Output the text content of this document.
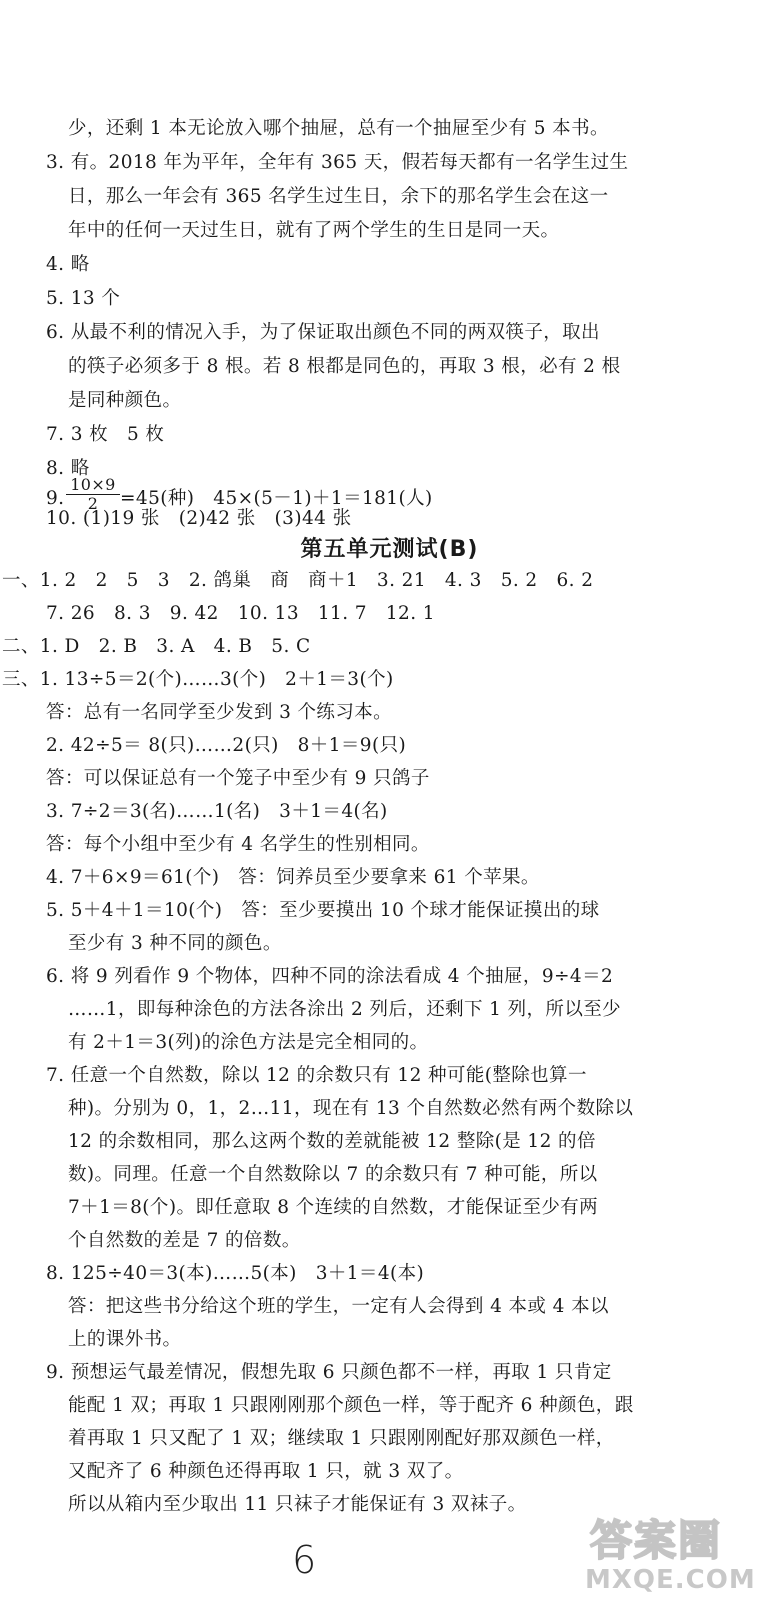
少，还剩 1 本无论放入哪个抽屉，总有一个抽屉至少有 5 本书。
3. 有。2018 年为平年，全年有 365 天，假若每天都有一名学生过生
日，那么一年会有 365 名学生过生日，余下的那名学生会在这一
年中的任何一天过生日，就有了两个学生的生日是同一天。
4. 略
5. 13 个
6. 从最不利的情况入手，为了保证取出颜色不同的两双筷子，取出
的筷子必须多于 8 根。若 8 根都是同色的，再取 3 根，必有 2 根
是同种颜色。
7. 3 枚　5 枚
8. 略
9. $\frac{10\times 9}{2} =45$(种)　45×(5－1)＋1＝181(人)
10. (1)19 张　(2)42 张　(3)44 张
第五单元测试(B)
一、1. 2　2　5　3　2. 鸽巢　商　商＋1　3. 21　4. 3　5. 2　6. 2
7. 26　8. 3　9. 42　10. 13　11. 7　12. 1
二、1. D　2. B　3. A　4. B　5. C
三、1. 13÷5＝2(个)……3(个)　2＋1＝3(个)
答：总有一名同学至少发到 3 个练习本。
2. 42÷5＝ 8(只)……2(只)　8＋1＝9(只)
答：可以保证总有一个笼子中至少有 9 只鸽子
3. 7÷2＝3(名)……1(名)　3＋1＝4(名)
答：每个小组中至少有 4 名学生的性别相同。
4. 7＋6×9＝61(个)　答：饲养员至少要拿来 61 个苹果。
5. 5＋4＋1＝10(个)　答：至少要摸出 10 个球才能保证摸出的球
至少有 3 种不同的颜色。
6. 将 9 列看作 9 个物体，四种不同的涂法看成 4 个抽屉，9÷4＝2
……1，即每种涂色的方法各涂出 2 列后，还剩下 1 列，所以至少
有 2＋1＝3(列)的涂色方法是完全相同的。
7. 任意一个自然数，除以 12 的余数只有 12 种可能(整除也算一
种)。分别为 0，1，2…11，现在有 13 个自然数必然有两个数除以
12 的余数相同，那么这两个数的差就能被 12 整除(是 12 的倍
数)。同理。任意一个自然数除以 7 的余数只有 7 种可能，所以
7＋1＝8(个)。即任意取 8 个连续的自然数，才能保证至少有两
个自然数的差是 7 的倍数。
8. 125÷40＝3(本)……5(本)　3＋1＝4(本)
答：把这些书分给这个班的学生，一定有人会得到 4 本或 4 本以
上的课外书。
9. 预想运气最差情况，假想先取 6 只颜色都不一样，再取 1 只肯定
能配 1 双；再取 1 只跟刚刚那个颜色一样，等于配齐 6 种颜色，跟
着再取 1 只又配了 1 双；继续取 1 只跟刚刚配好那双颜色一样，
又配齐了 6 种颜色还得再取 1 只，就 3 双了。
所以从箱内至少取出 11 只袜子才能保证有 3 双袜子。
6	答案圈
MXQE.COM
